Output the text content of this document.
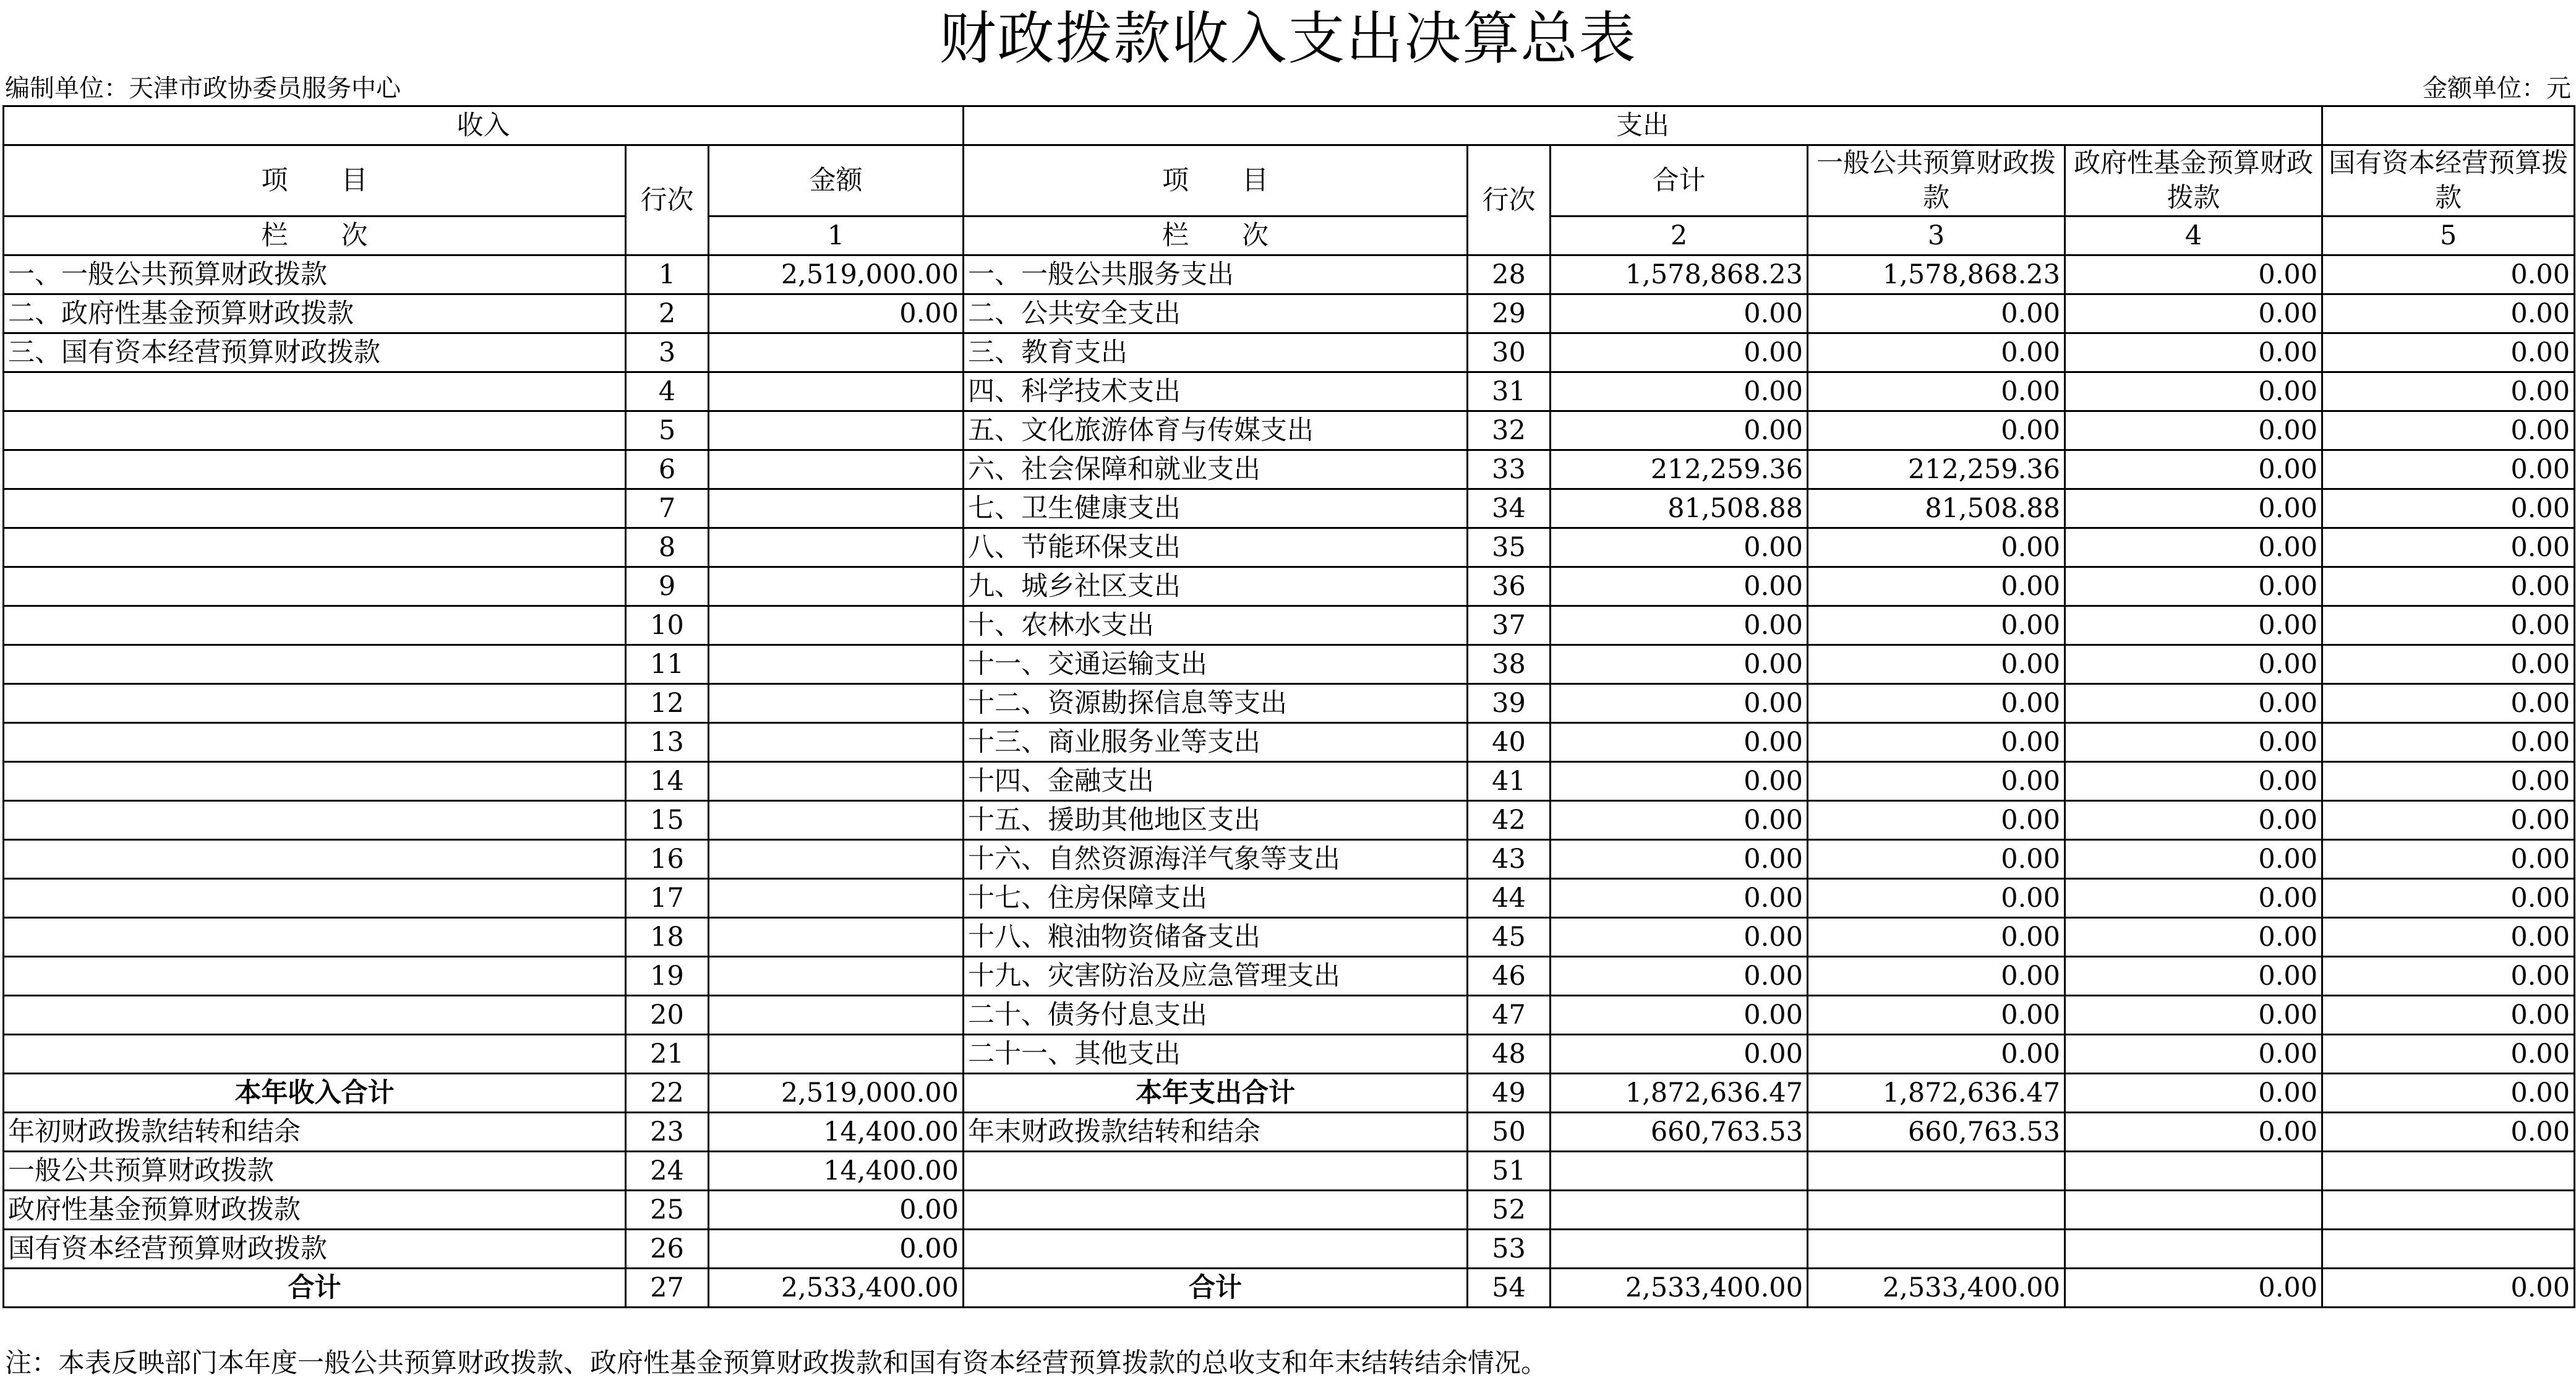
财政拨款收入支出决算总表
编制单位：天津市政协委员服务中心	金额单位：元
收入			支出					
项　　目	行次	金额	项　　目	行次	合计	一般公共预算财政拨款	政府性基金预算财政拨款	国有资本经营预算拨款
栏　　次		1	栏　　次		2	3	4	5
一、一般公共预算财政拨款	1	2,519,000.00	一、一般公共服务支出	28	1,578,868.23	1,578,868.23	0.00	0.00
二、政府性基金预算财政拨款	2	0.00	二、公共安全支出	29	0.00	0.00	0.00	0.00
三、国有资本经营预算财政拨款	3		三、教育支出	30	0.00	0.00	0.00	0.00
	4		四、科学技术支出	31	0.00	0.00	0.00	0.00
	5		五、文化旅游体育与传媒支出	32	0.00	0.00	0.00	0.00
	6		六、社会保障和就业支出	33	212,259.36	212,259.36	0.00	0.00
	7		七、卫生健康支出	34	81,508.88	81,508.88	0.00	0.00
	8		八、节能环保支出	35	0.00	0.00	0.00	0.00
	9		九、城乡社区支出	36	0.00	0.00	0.00	0.00
	10		十、农林水支出	37	0.00	0.00	0.00	0.00
	11		十一、交通运输支出	38	0.00	0.00	0.00	0.00
	12		十二、资源勘探信息等支出	39	0.00	0.00	0.00	0.00
	13		十三、商业服务业等支出	40	0.00	0.00	0.00	0.00
	14		十四、金融支出	41	0.00	0.00	0.00	0.00
	15		十五、援助其他地区支出	42	0.00	0.00	0.00	0.00
	16		十六、自然资源海洋气象等支出	43	0.00	0.00	0.00	0.00
	17		十七、住房保障支出	44	0.00	0.00	0.00	0.00
	18		十八、粮油物资储备支出	45	0.00	0.00	0.00	0.00
	19		十九、灾害防治及应急管理支出	46	0.00	0.00	0.00	0.00
	20		二十、债务付息支出	47	0.00	0.00	0.00	0.00
	21		二十一、其他支出	48	0.00	0.00	0.00	0.00
本年收入合计	22	2,519,000.00	本年支出合计	49	1,872,636.47	1,872,636.47	0.00	0.00
年初财政拨款结转和结余	23	14,400.00	年末财政拨款结转和结余	50	660,763.53	660,763.53	0.00	0.00
一般公共预算财政拨款	24	14,400.00		51				
政府性基金预算财政拨款	25	0.00		52				
国有资本经营预算财政拨款	26	0.00		53				
合计	27	2,533,400.00	合计	54	2,533,400.00	2,533,400.00	0.00	0.00
注：本表反映部门本年度一般公共预算财政拨款、政府性基金预算财政拨款和国有资本经营预算拨款的总收支和年末结转结余情况。
